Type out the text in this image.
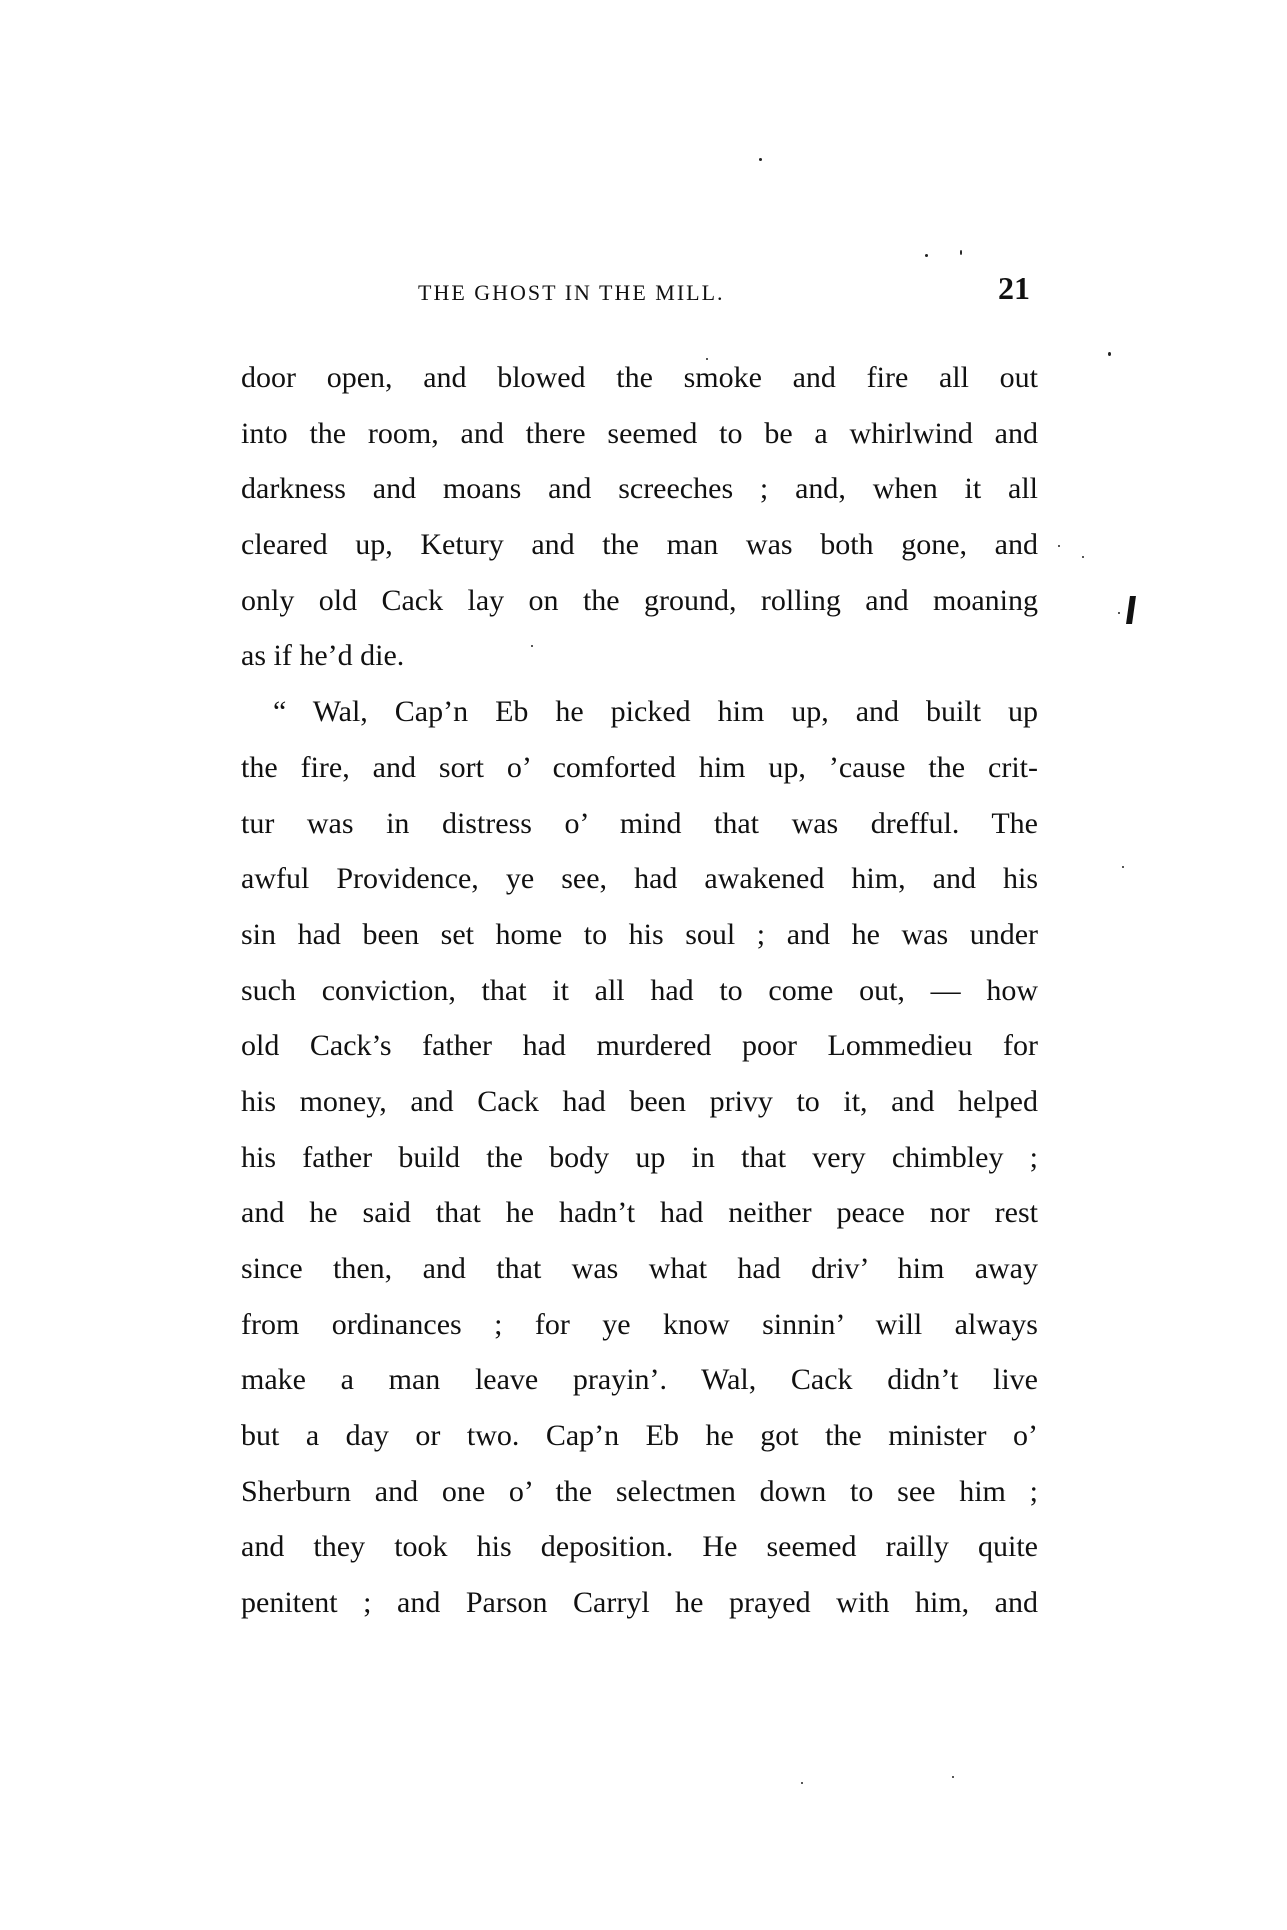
THE GHOST IN THE MILL.	21
door open, and blowed the smoke and fire all out
into the room, and there seemed to be a whirlwind and
darkness and moans and screeches ; and, when it all
cleared up, Ketury and the man was both gone, and
only old Cack lay on the ground, rolling and moaning
as if he’d die.
“ Wal, Cap’n Eb he picked him up, and built up
the fire, and sort o’ comforted him up, ’cause the crit-
tur was in distress o’ mind that was drefful. The
awful Providence, ye see, had awakened him, and his
sin had been set home to his soul ; and he was under
such conviction, that it all had to come out, — how
old Cack’s father had murdered poor Lommedieu for
his money, and Cack had been privy to it, and helped
his father build the body up in that very chimbley ;
and he said that he hadn’t had neither peace nor rest
since then, and that was what had driv’ him away
from ordinances ; for ye know sinnin’ will always
make a man leave prayin’. Wal, Cack didn’t live
but a day or two. Cap’n Eb he got the minister o’
Sherburn and one o’ the selectmen down to see him ;
and they took his deposition. He seemed railly quite
penitent ; and Parson Carryl he prayed with him, and
